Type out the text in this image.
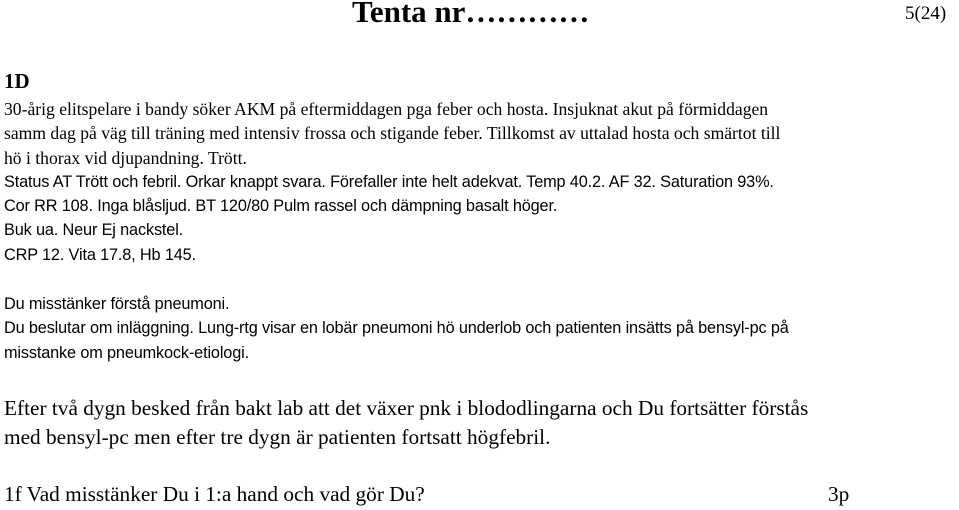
Tenta nr…………	5(24)
1D
30-årig elitspelare i bandy söker AKM på eftermiddagen pga feber och hosta. Insjuknat akut på förmiddagen
samm dag på väg till träning med intensiv frossa och stigande feber. Tillkomst av uttalad hosta och smärtot till
hö i thorax vid djupandning. Trött.
Status AT Trött och febril. Orkar knappt svara. Förefaller inte helt adekvat. Temp 40.2. AF 32. Saturation 93%.
Cor RR 108. Inga blåsljud. BT 120/80 Pulm rassel och dämpning basalt höger.
Buk ua. Neur Ej nackstel.
CRP 12. Vita 17.8, Hb 145.
Du misstänker förstå pneumoni.
Du beslutar om inläggning. Lung-rtg visar en lobär pneumoni hö underlob och patienten insätts på bensyl-pc på
misstanke om pneumkock-etiologi.
Efter två dygn besked från bakt lab att det växer pnk i blododlingarna och Du fortsätter förstås
med bensyl-pc men efter tre dygn är patienten fortsatt högfebril.
1f Vad misstänker Du i 1:a hand och vad gör Du?	3p
